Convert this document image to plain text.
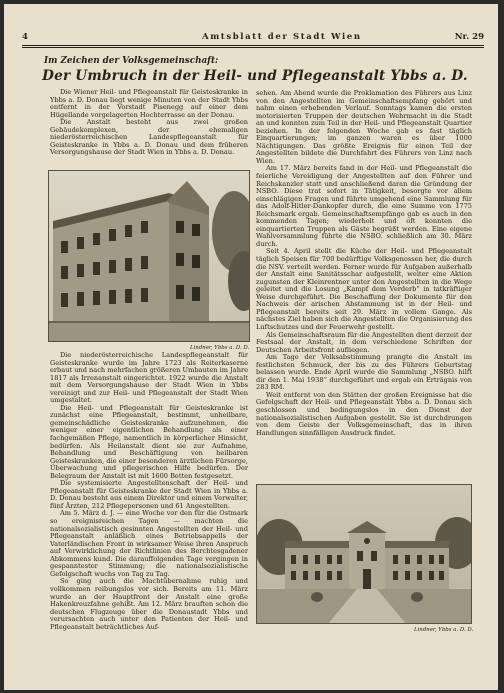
4	Amtsblatt der Stadt Wien	Nr. 29
Im Zeichen der Volksgemeinschaft:
Der Umbruch in der Heil- und Pflegeanstalt Ybbs a. D.

Die Wiener Heil- und Pflegeanstalt für Geisteskranke in Ybbs a. D. Donau liegt wenige Minuten von der Stadt Ybbs entfernt in der Vorstadt Pisenegg auf einer dem Hügellande vorgelagerten Hochterrasse an der Donau.

Die Anstalt besteht aus zwei großen Gebäudekomplexen, der ehemaligen niederösterreichischen Landespflegeanstalt für Geisteskranke in Ybbs a. D. Donau und dem früheren Versorgungshause der Stadt Wien in Ybbs a. D. Donau.

Lindner, Ybbs a. D. D.

Die niederösterreichische Landespflegeanstalt für Geisteskranke wurde im Jahre 1723 als Reiterkaserne erbaut und nach mehrfachen größeren Umbauten im Jahre 1817 als Irrenanstalt eingerichtet. 1922 wurde die Anstalt mit dem Versorgungshause der Stadt Wien in Ybbs vereinigt und zur Heil- und Pflegeanstalt der Stadt Wien umgestaltet.

Die Heil- und Pflegeanstalt für Geisteskranke ist zunächst eine Pflegeanstalt, bestimmt, unheilbare, gemeinschädliche Geisteskranke aufzunehmen, die weniger einer eigentlichen Behandlung als einer fachgemäßen Pflege, namentlich in körperlicher Hinsicht, bedürfen. Als Heilanstalt dient sie zur Aufnahme, Behandlung und Beschäftigung von heilbaren Geisteskranken, die einer besonderen ärztlichen Fürsorge, Überwachung und pflegerischen Hilfe bedürfen. Der Belegraum der Anstalt ist mit 1600 Betten festgesetzt.

Die systemisierte Angestelltenschaft der Heil- und Pflegeanstalt für Geisteskranke der Stadt Wien in Ybbs a. D. Donau besteht aus einem Direktor und einem Verwalter, fünf Ärzten, 212 Pflegepersonen und 61 Angestellten.

Am 5. März d. J. — eine Woche vor den für die Ostmark so ereignisreichen Tagen — machten die nationalsozialistisch gesinnten Angestellten der Heil- und Pflegeanstalt anläßlich eines Betriebsappells der Vaterländischen Front in wirksamer Weise ihren Anspruch auf Verwirklichung der Richtlinien des Berchtesgadener Abkommens kund. Die darauffolgenden Tage vergingen in gespanntester Stimmung; die nationalsozialistische Gefolgschaft wuchs von Tag zu Tag.

So ging auch die Machtübernahme ruhig und vollkommen reibungslos vor sich. Bereits am 11. März wurde an der Hauptfront der Anstalt eine große Hakenkreuzfahne gehißt. Am 12. März brauften schon die deutschen Flugzeuge über die Donaustadt Ybbs und verursachten auch unter den Patienten der Heil- und Pflegeanstalt beträchtliches Auf-

sehen. Am Abend wurde die Proklamation des Führers aus Linz von den Angestellten im Gemeinschaftsempfang gehört und nahm einen erhebenden Verlauf. Sonntags kamen die ersten motorisierten Truppen der deutschen Wehrmacht in die Stadt an und konnten zum Teil in der Heil- und Pflegeanstalt Quartier beziehen. In der folgenden Woche gab es fast täglich Einquartierungen; im ganzen waren es über 1000 Nächtigungen. Das größte Ereignis für einen Teil der Angestellten bildete die Durchfahrt des Führers von Linz nach Wien.

Am 17. März bereits fand in der Heil- und Pflegeanstalt die feierliche Vereidigung der Angestellten auf den Führer und Reichskanzler statt und anschließend daran die Gründung der NSBO. Diese trat sofort in Tätigkeit, besorgte vor allem einschlägigen Fragen und führte umgehend eine Sammlung für das Adolf-Hitler-Dankopfer durch, die eine Summe von 1775 Reichsmark ergab. Gemeinschaftsempfänge gab es auch in den kommenden Tagen; wiederholt und oft konnten die einquartierten Truppen als Gäste begrüßt werden. Eine eigene Wahlversammlung führte die NSBO. schließlich am 30. März durch.

Seit 4. April stellt die Küche der Heil- und Pflegeanstalt täglich Speisen für 700 bedürftige Volksgenossen her, die durch die NSV. verteilt werden. Ferner wurde für Aufgaben außerhalb der Anstalt eine Sanitätsschar aufgestellt, weiter eine Aktion zugunsten der Kleinrentner unter den Angestellten in die Wege geleitet und die Losung „Kampf dem Verderb“ in tatkräftiger Weise durchgeführt. Die Beschaffung der Dokumente für den Nachweis der arischen Abstammung ist in der Heil- und Pflegeanstalt bereits seit 29. März in vollem Gange. Als nächstes Ziel haben sich die Angestellten die Organisierung des Luftschutzes und der Feuerwehr gestellt.

Als Gemeinschaftsraum für die Angestellten dient derzeit der Festsaal der Anstalt, in dem verschiedene Schriften der Deutschen Arbeitsfront aufliegen.

Am Tage der Volksabstimmung prangte die Anstalt im festlichsten Schmuck, der bis zu des Führers Geburtstag belassen wurde. Ende April wurde die Sammlung „NSBO. hilft dir den 1. Mai 1938“ durchgeführt und ergab ein Erträgnis von 283 RM.

Weit entfernt von den Stätten der großen Ereignisse hat die Gefolgschaft der Heil- und Pflegeanstalt Ybbs a. D. Donau sich geschlossen und bedingungslos in den Dienst der nationalsozialistischen Aufgaben gestellt. Sie ist durchdrungen von dem Geiste der Volksgemeinschaft, das in ihren Handlungen sinnfälligen Ausdruck findet.

Lindner, Ybbs a. D. D.
